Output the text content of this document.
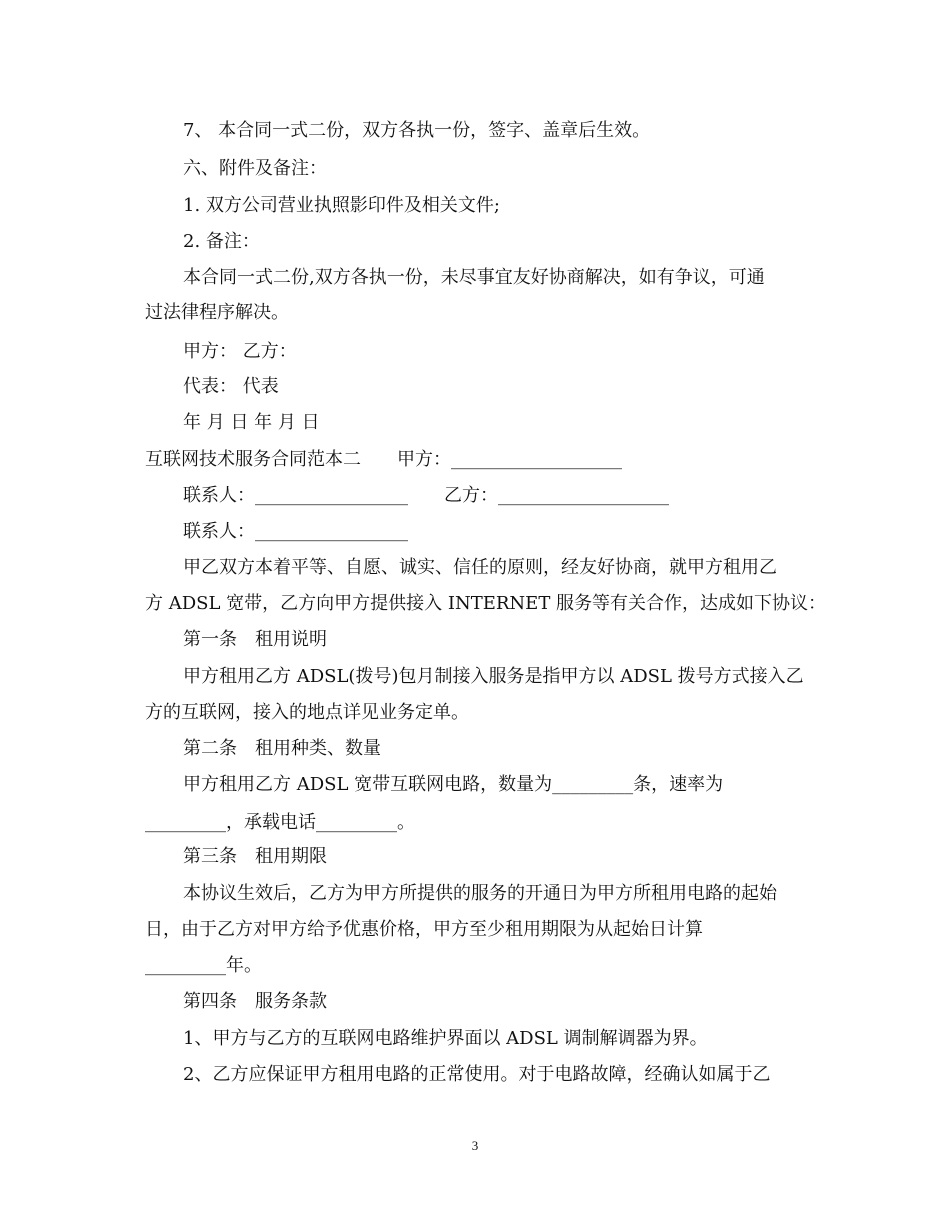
7、 本合同一式二份，双方各执一份，签字、盖章后生效。
六、附件及备注：
1. 双方公司营业执照影印件及相关文件;
2. 备注：
本合同一式二份,双方各执一份，未尽事宜友好协商解决，如有争议，可通
过法律程序解决。
甲方： 乙方：
代表： 代表
年 月 日 年 月 日
互联网技术服务合同范本二　　甲方：___________________
联系人：_________________　　乙方：___________________
联系人：_________________
甲乙双方本着平等、自愿、诚实、信任的原则，经友好协商，就甲方租用乙
方 ADSL 宽带，乙方向甲方提供接入 INTERNET 服务等有关合作，达成如下协议：
第一条　租用说明
甲方租用乙方 ADSL(拨号)包月制接入服务是指甲方以 ADSL 拨号方式接入乙
方的互联网，接入的地点详见业务定单。
第二条　租用种类、数量
甲方租用乙方 ADSL 宽带互联网电路，数量为_________条，速率为
_________，承载电话_________。
第三条　租用期限
本协议生效后，乙方为甲方所提供的服务的开通日为甲方所租用电路的起始
日，由于乙方对甲方给予优惠价格，甲方至少租用期限为从起始日计算
_________年。
第四条　服务条款
1、甲方与乙方的互联网电路维护界面以 ADSL 调制解调器为界。
2、乙方应保证甲方租用电路的正常使用。对于电路故障，经确认如属于乙
3
